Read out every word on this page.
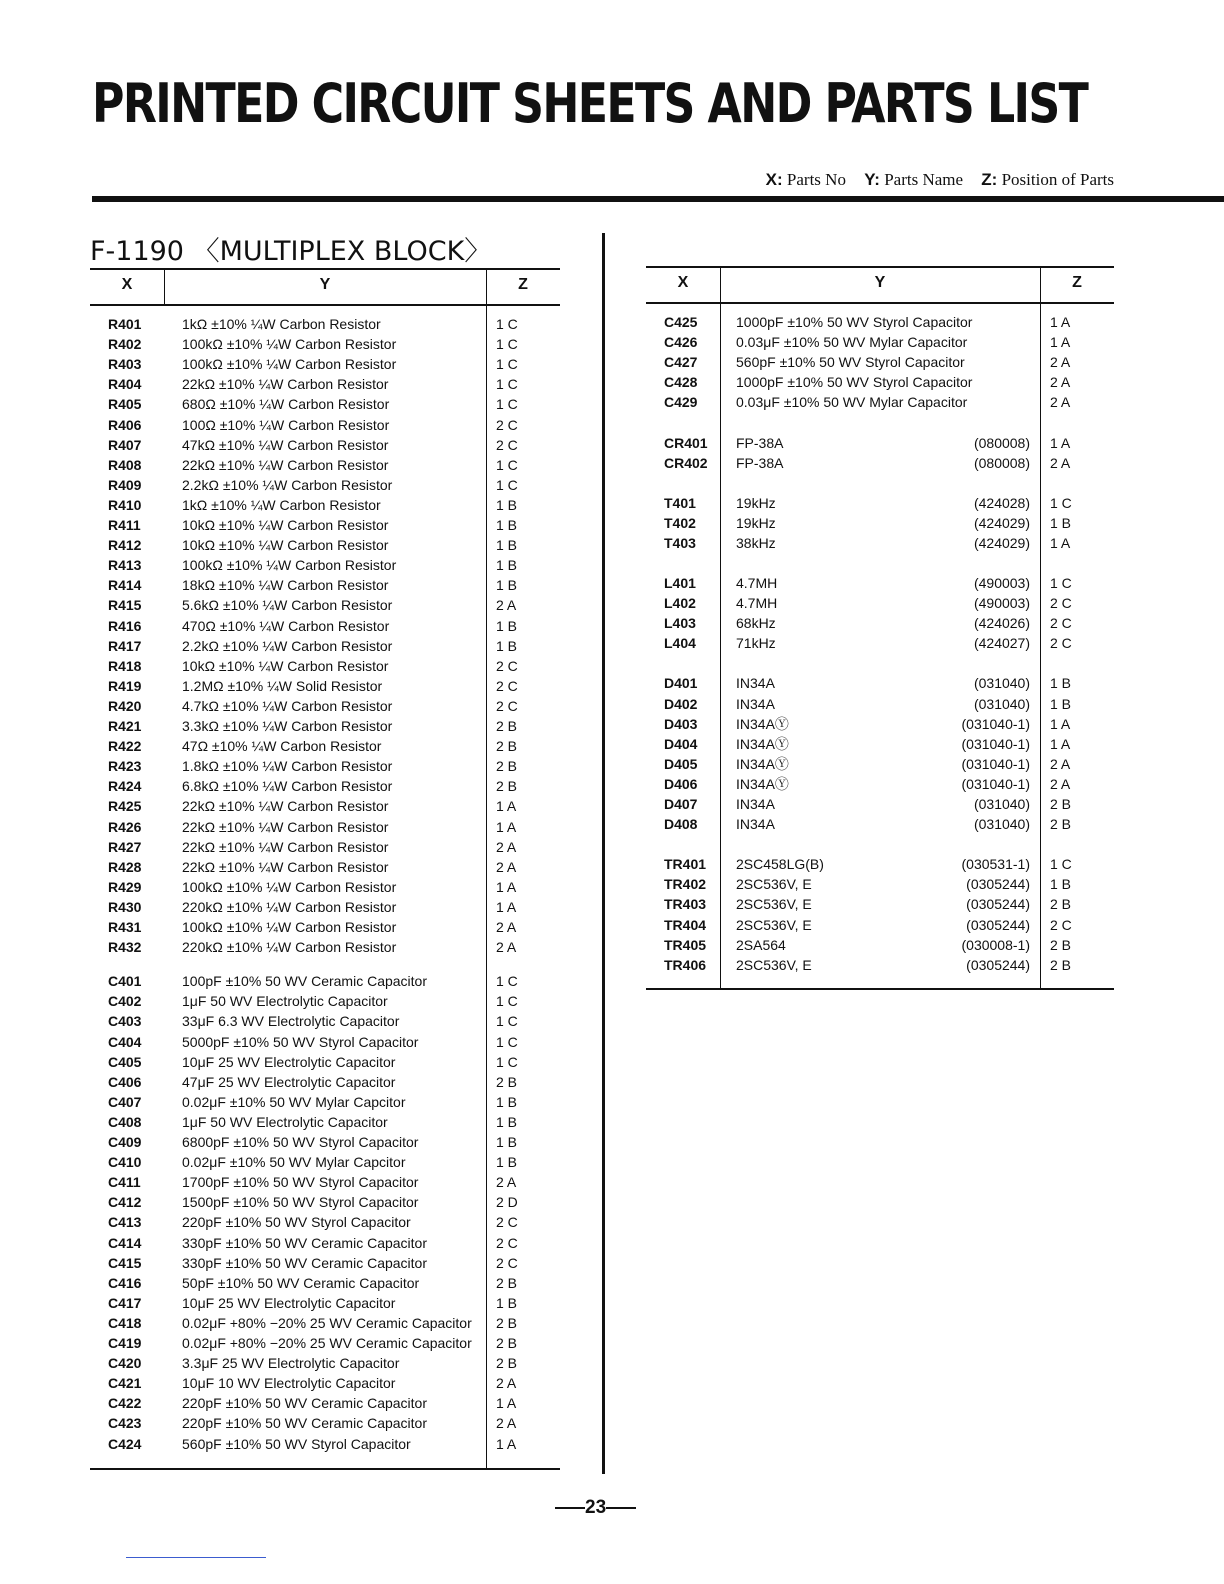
PRINTED CIRCUIT SHEETS AND PARTS LIST
X: Parts No Y: Parts Name Z: Position of Parts
F-1190 〈MULTIPLEX BLOCK〉
X	Y	Z
R401	1kΩ ±10% ¼W Carbon Resistor	1 C
R402	100kΩ ±10% ¼W Carbon Resistor	1 C
R403	100kΩ ±10% ¼W Carbon Resistor	1 C
R404	22kΩ ±10% ¼W Carbon Resistor	1 C
R405	680Ω ±10% ¼W Carbon Resistor	1 C
R406	100Ω ±10% ¼W Carbon Resistor	2 C
R407	47kΩ ±10% ¼W Carbon Resistor	2 C
R408	22kΩ ±10% ¼W Carbon Resistor	1 C
R409	2.2kΩ ±10% ¼W Carbon Resistor	1 C
R410	1kΩ ±10% ¼W Carbon Resistor	1 B
R411	10kΩ ±10% ¼W Carbon Resistor	1 B
R412	10kΩ ±10% ¼W Carbon Resistor	1 B
R413	100kΩ ±10% ¼W Carbon Resistor	1 B
R414	18kΩ ±10% ¼W Carbon Resistor	1 B
R415	5.6kΩ ±10% ¼W Carbon Resistor	2 A
R416	470Ω ±10% ¼W Carbon Resistor	1 B
R417	2.2kΩ ±10% ¼W Carbon Resistor	1 B
R418	10kΩ ±10% ¼W Carbon Resistor	2 C
R419	1.2MΩ ±10% ¼W Solid Resistor	2 C
R420	4.7kΩ ±10% ¼W Carbon Resistor	2 C
R421	3.3kΩ ±10% ¼W Carbon Resistor	2 B
R422	47Ω ±10% ¼W Carbon Resistor	2 B
R423	1.8kΩ ±10% ¼W Carbon Resistor	2 B
R424	6.8kΩ ±10% ¼W Carbon Resistor	2 B
R425	22kΩ ±10% ¼W Carbon Resistor	1 A
R426	22kΩ ±10% ¼W Carbon Resistor	1 A
R427	22kΩ ±10% ¼W Carbon Resistor	2 A
R428	22kΩ ±10% ¼W Carbon Resistor	2 A
R429	100kΩ ±10% ¼W Carbon Resistor	1 A
R430	220kΩ ±10% ¼W Carbon Resistor	1 A
R431	100kΩ ±10% ¼W Carbon Resistor	2 A
R432	220kΩ ±10% ¼W Carbon Resistor	2 A
C401	100pF ±10% 50 WV Ceramic Capacitor	1 C
C402	1μF 50 WV Electrolytic Capacitor	1 C
C403	33μF 6.3 WV Electrolytic Capacitor	1 C
C404	5000pF ±10% 50 WV Styrol Capacitor	1 C
C405	10μF 25 WV Electrolytic Capacitor	1 C
C406	47μF 25 WV Electrolytic Capacitor	2 B
C407	0.02μF ±10% 50 WV Mylar Capcitor	1 B
C408	1μF 50 WV Electrolytic Capacitor	1 B
C409	6800pF ±10% 50 WV Styrol Capacitor	1 B
C410	0.02μF ±10% 50 WV Mylar Capcitor	1 B
C411	1700pF ±10% 50 WV Styrol Capacitor	2 A
C412	1500pF ±10% 50 WV Styrol Capacitor	2 D
C413	220pF ±10% 50 WV Styrol Capacitor	2 C
C414	330pF ±10% 50 WV Ceramic Capacitor	2 C
C415	330pF ±10% 50 WV Ceramic Capacitor	2 C
C416	50pF ±10% 50 WV Ceramic Capacitor	2 B
C417	10μF 25 WV Electrolytic Capacitor	1 B
C418	0.02μF +80% −20% 25 WV Ceramic Capacitor 2 B
C419	0.02μF +80% −20% 25 WV Ceramic Capacitor 2 B
C420	3.3μF 25 WV Electrolytic Capacitor	2 B
C421	10μF 10 WV Electrolytic Capacitor	2 A
C422	220pF ±10% 50 WV Ceramic Capacitor	1 A
C423	220pF ±10% 50 WV Ceramic Capacitor	2 A
C424	560pF ±10% 50 WV Styrol Capacitor	1 A
X	Y	Z
C425	1000pF ±10% 50 WV Styrol Capacitor	1 A
C426	0.03μF ±10% 50 WV Mylar Capacitor	1 A
C427	560pF ±10% 50 WV Styrol Capacitor	2 A
C428	1000pF ±10% 50 WV Styrol Capacitor	2 A
C429	0.03μF ±10% 50 WV Mylar Capacitor	2 A
CR401 FP-38A	(080008) 1 A
CR402 FP-38A	(080008) 2 A
T401	19kHz	(424028) 1 C
T402	19kHz	(424029) 1 B
T403	38kHz	(424029) 1 A
L401	4.7MH	(490003) 1 C
L402	4.7MH	(490003) 2 C
L403	68kHz	(424026) 2 C
L404	71kHz	(424027) 2 C
D401	IN34A	(031040) 1 B
D402	IN34A	(031040) 1 B
D403	IN34AⓎ	(031040-1) 1 A
D404	IN34AⓎ	(031040-1) 1 A
D405	IN34AⓎ	(031040-1) 2 A
D406	IN34AⓎ	(031040-1) 2 A
D407	IN34A	(031040) 2 B
D408	IN34A	(031040) 2 B
TR401 2SC458LG(B)	(030531-1) 1 C
TR402 2SC536V, E	(0305244) 1 B
TR403 2SC536V, E	(0305244) 2 B
TR404 2SC536V, E	(0305244) 2 C
TR405 2SA564	(030008-1) 2 B
TR406 2SC536V, E	(0305244) 2 B
23
